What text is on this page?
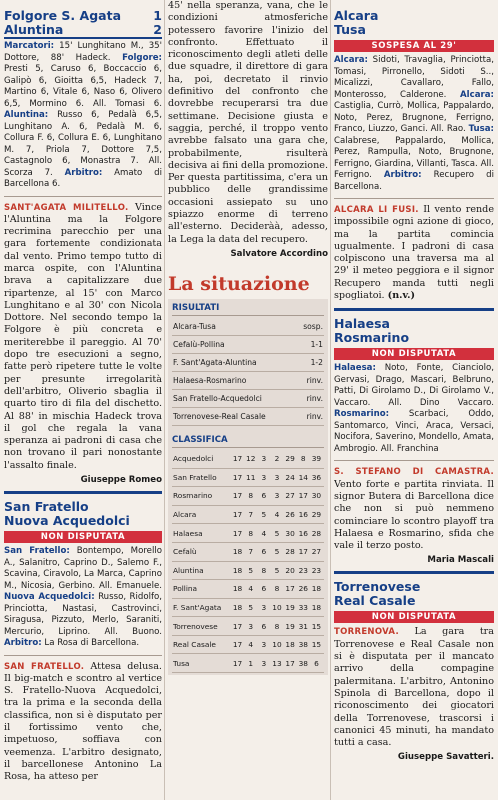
Folgore S. Agata	1
Aluntina	2

Marcatori: 15' Lunghitano M., 35' Dottore, 88' Hadeck. Folgore: Presti 5, Caruso 6, Boccaccio 6, Galipò 6, Gioitta 6,5, Hadeck 7, Martino 6, Vitale 6, Naso 6, Olivero 6,5, Morminо 6. All. Tomasi 6. Aluntina: Russo 6, Pedalà 6,5, Lunghitano A. 6, Pedalà M. 6, Collura F. 6, Collura E. 6, Lunghitano M. 7, Priola 7, Dottore 7,5, Castagnolo 6, Monastra 7. All. Scorza 7. Arbitro: Amato di Barcellona 6.

SANT'AGATA MILITELLO. Vince l'Aluntina ma la Folgore recrimina parecchio per una gara fortemente condizionata dal vento. Primo tempo tutto di marca ospite, con l'Aluntina brava a capitalizzare due ripartenze, al 15' con Marco Lunghitano e al 30' con Nicola Dottore. Nel secondo tempo la Folgore è più concreta e meriterebbe il pareggio. Al 70' dopo tre esecuzioni a segno, fatte però ripetere tutte le volte per presunte irregolarità dell'arbitro, Oliverio sbaglia il quarto tiro di fila del dischetto. Al 88' in mischia Hadeck trova il gol che regala la vana speranza ai padroni di casa che non trovano il pari nonostante l'assalto finale.

Giuseppe Romeo
San Fratello
Nuova Acquedolci
NON DISPUTATA

San Fratello: Bontempo, Morello A., Salanitro, Caprino D., Salemo F., Scavina, Ciravolo, La Marca, Caprino M., Nicosia, Gerbino. All. Emanuele. Nuova Acquedolci: Russo, Ridolfo, Princiotta, Nastasi, Castrovinci, Siragusa, Pizzuto, Merlo, Saraniti, Mercurio, Liprino. All. Buono. Arbitro: La Rosa di Barcellona.

SAN FRATELLO. Attesa delusa. Il big-match e scontro al vertice S. Fratello-Nuova Acquedolci, tra la prima e la seconda della classifica, non si è disputato per il fortissimo vento che, impetuoso, soffiava con veemenza. L'arbitro designato, il barcellonese Antonino La Rosa, ha atteso per

45' nella speranza, vana, che le condizioni atmosferiche potessero favorire l'inizio del confronto. Effettuato il riconoscimento degli atleti delle due squadre, il direttore di gara ha, poi, decretato il rinvio definitivo del confronto che dovrebbe recuperarsi tra due settimane. Decisione giusta e saggia, perché, il troppo vento avrebbe falsato una gara che, probabilmente, risulterà decisiva ai fini della promozione. Per questa partitissima, c'era un pubblico delle grandissime occasioni assiepato su uno spiazzo enorme di terreno all'esterno. Decideràà, adesso, la Lega la data del recupero.

Salvatore Accordino
La situazione
RISULTATI
Alcara-Tusa	sosp.
Cefalù-Pollina	1-1
F. Sant'Agata-Aluntina	1-2
Halaesa-Rosmarino	rinv.
San Fratello-Acquedolci	rinv.
Torrenovese-Real Casale	rinv.
CLASSIFICA
Acquedolci	17 12 3	2 29 8 39
San Fratello	17 11 3	3 24 14 36
Rosmarino	17 8	6	3 27 17 30
Alcara	17 7	5	4 26 16 29
Halaesa	17 8	4	5 30 16 28
Cefalù	18 7	6	5 28 17 27
Aluntina	18 5	8	5 20 23 23
Pollina	18 4	6	8 17 26 18
F. Sant'Agata	18 5	3 10 19 33 18
Torrenovese	17 3	6	8 19 31 15
Real Casale	17 4	3 10 18 38 15
Tusa	17 1	3 13 17 38 6
Alcara
Tusa
SOSPESA AL 29'

Alcara: Sidoti, Travaglia, Princiotta, Tomasi, Pirronello, Sidoti S.., Micalizzi, Cavallaro, Fallo, Monterosso, Calderone. Alcara: Castiglia, Currò, Mollica, Pappalardo, Noto, Perez, Brugnone, Ferrigno, Franco, Liuzzo, Ganci. All. Rao. Tusa: Calabrese, Pappalardo, Mollica, Perez, Rampulla, Noto, Brugnone, Ferrigno, Giardina, Villanti, Tasca. All. Ferrigno. Arbitro: Recupero di Barcellona.

ALCARA LI FUSI. Il vento rende impossibile ogni azione di gioco, ma la partita comincia ugualmente. I padroni di casa colpiscono una traversa ma al 29' il meteo peggiora e il signor Recupero manda tutti negli spogliatoi. (n.v.)

Halaesa
Rosmarino
NON DISPUTATA

Halaesa: Noto, Fonte, Cianciolo, Gervasi, Drago, Mascari, Belbruno, Patti, Di Girolamo D., Di Girolamo V., Vaccaro. All. Dino Vaccaro. Rosmarino: Scarbaci, Oddo, Santomarco, Vinci, Araca, Versaci, Nocifora, Saverino, Mondello, Amata, Ambrogio. All. Franchina

S. STEFANO DI CAMASTRA. Vento forte e partita rinviata. Il signor Butera di Barcellona dice che non si può nemmeno cominciare lo scontro playoff tra Halaesa e Rosmarino, sfida che vale il terzo posto.

Maria Mascali
Torrenovese
Real Casale
NON DISPUTATA

TORRENOVA. La gara tra Torrenovese e Real Casale non si è disputata per il mancato arrivo della compagine palermitana. L'arbitro, Antonino Spinola di Barcellona, dopo il riconoscimento dei giocatori della Torrenovese, trascorsi i canonici 45 minuti, ha mandato tutti a casa.

Giuseppe Savatteri.
